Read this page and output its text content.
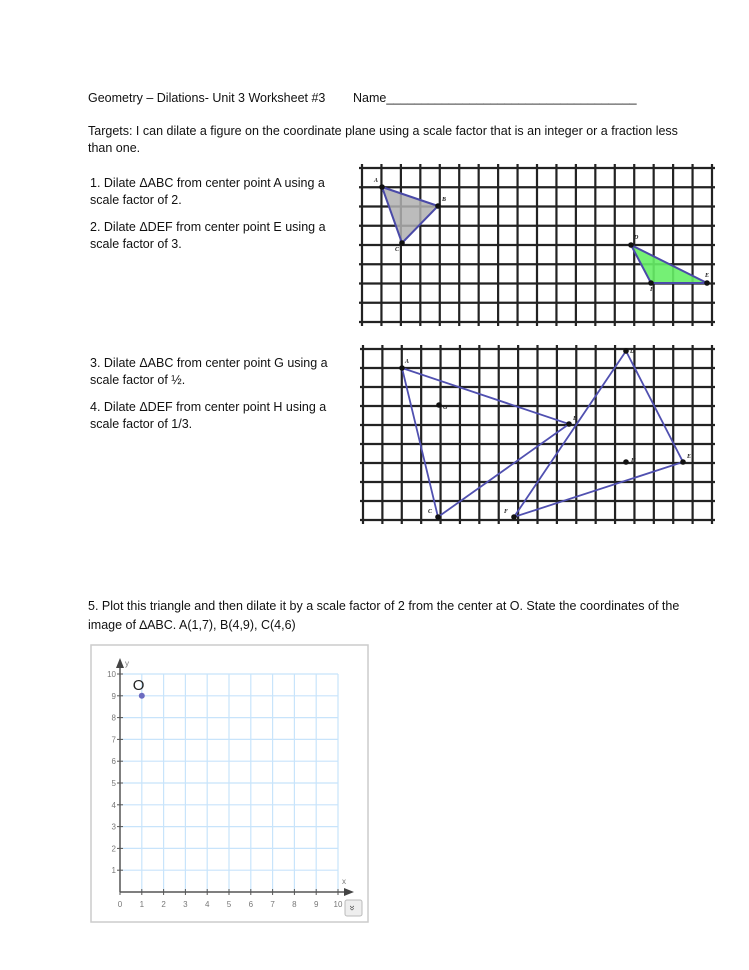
Geometry – Dilations- Unit 3 Worksheet #3 Name____________________________________
Targets: I can dilate a figure on the coordinate plane using a scale factor that is an integer or a fraction less than one.
1. Dilate ΔABC from center point A using a scale factor of 2.
2. Dilate ΔDEF from center point E using a scale factor of 3.
3. Dilate ΔABC from center point G using a scale factor of ½.
4. Dilate ΔDEF from center point H using a scale factor of 1/3.
5. Plot this triangle and then dilate it by a scale factor of 2 from the center at O. State the coordinates of the image of ∆ABC. A(1,7), B(4,9), C(4,6)
A
B
C
D
E
F
A
B
C
G
D
E
F
H
0 1 2 3 4 5 6 7 8 9 10
1
2
3
4
5
6
7
8
9
10
x
y
O
»
